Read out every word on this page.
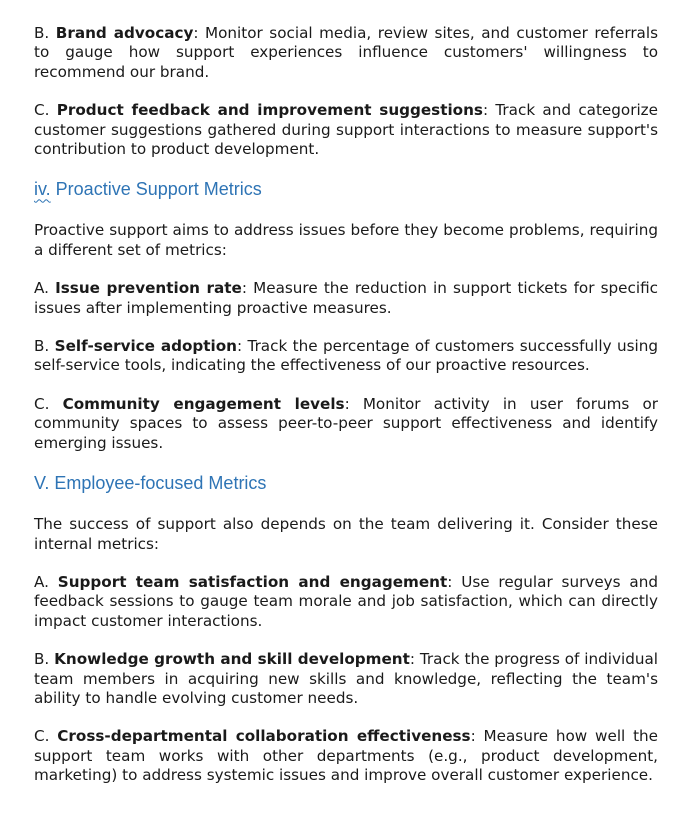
B. Brand advocacy: Monitor social media, review sites, and customer referrals to gauge how support experiences influence customers' willingness to recommend our brand.

C. Product feedback and improvement suggestions: Track and categorize customer suggestions gathered during support interactions to measure support's contribution to product development.

iv. Proactive Support Metrics

Proactive support aims to address issues before they become problems, requiring a different set of metrics:

A. Issue prevention rate: Measure the reduction in support tickets for specific issues after implementing proactive measures.

B. Self-service adoption: Track the percentage of customers successfully using self-service tools, indicating the effectiveness of our proactive resources.

C. Community engagement levels: Monitor activity in user forums or community spaces to assess peer-to-peer support effectiveness and identify emerging issues.

V. Employee-focused Metrics

The success of support also depends on the team delivering it. Consider these internal metrics:

A. Support team satisfaction and engagement: Use regular surveys and feedback sessions to gauge team morale and job satisfaction, which can directly impact customer interactions.

B. Knowledge growth and skill development: Track the progress of individual team members in acquiring new skills and knowledge, reflecting the team's ability to handle evolving customer needs.

C. Cross-departmental collaboration effectiveness: Measure how well the support team works with other departments (e.g., product development, marketing) to address systemic issues and improve overall customer experience.
